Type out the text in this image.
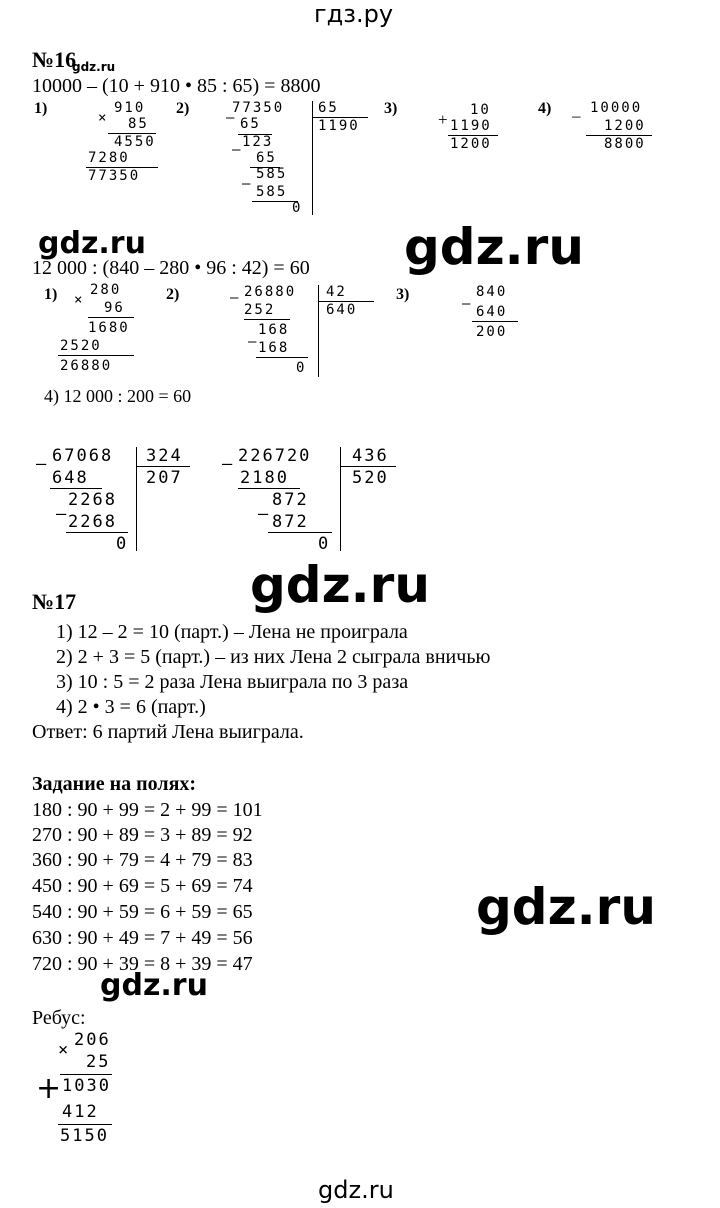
гдз.ру
№16
gdz.ru
10000 – (10 + 910 • 85 : 65) = 8800
1)
×
910
85
4550
7280
77350
2)	77350 65
1190
– 65
123
– 65
585
– 585
0
3)	10
+ 1190
1200
4)	10000
–
1200
8800
gdz.ru	gdz.ru
12 000 : (840 – 280 • 96 : 42) = 60
1) ×
280
96
1680
2520
26880
2)	– 26880 42
640
252
168
– 168
0
3)
–
840
640
200
4) 12 000 : 200 = 60
– 67068 324
207
648
2268
– 2268
0
– 226720 436
520
2180
872
– 872
0
gdz.ru
№17
1) 12 – 2 = 10 (парт.) – Лена не проиграла
2) 2 + 3 = 5 (парт.) – из них Лена 2 сыграла вничью
3) 10 : 5 = 2 раза Лена выиграла по 3 раза
4) 2 • 3 = 6 (парт.)
Ответ: 6 партий Лена выиграла.
Задание на полях:
180 : 90 + 99 = 2 + 99 = 101
270 : 90 + 89 = 3 + 89 = 92
360 : 90 + 79 = 4 + 79 = 83
450 : 90 + 69 = 5 + 69 = 74
540 : 90 + 59 = 6 + 59 = 65
630 : 90 + 49 = 7 + 49 = 56
720 : 90 + 39 = 8 + 39 = 47
gdz.ru
gdz.ru
Ребус:
× 206
25
+ 1030
412
5150
gdz.ru
